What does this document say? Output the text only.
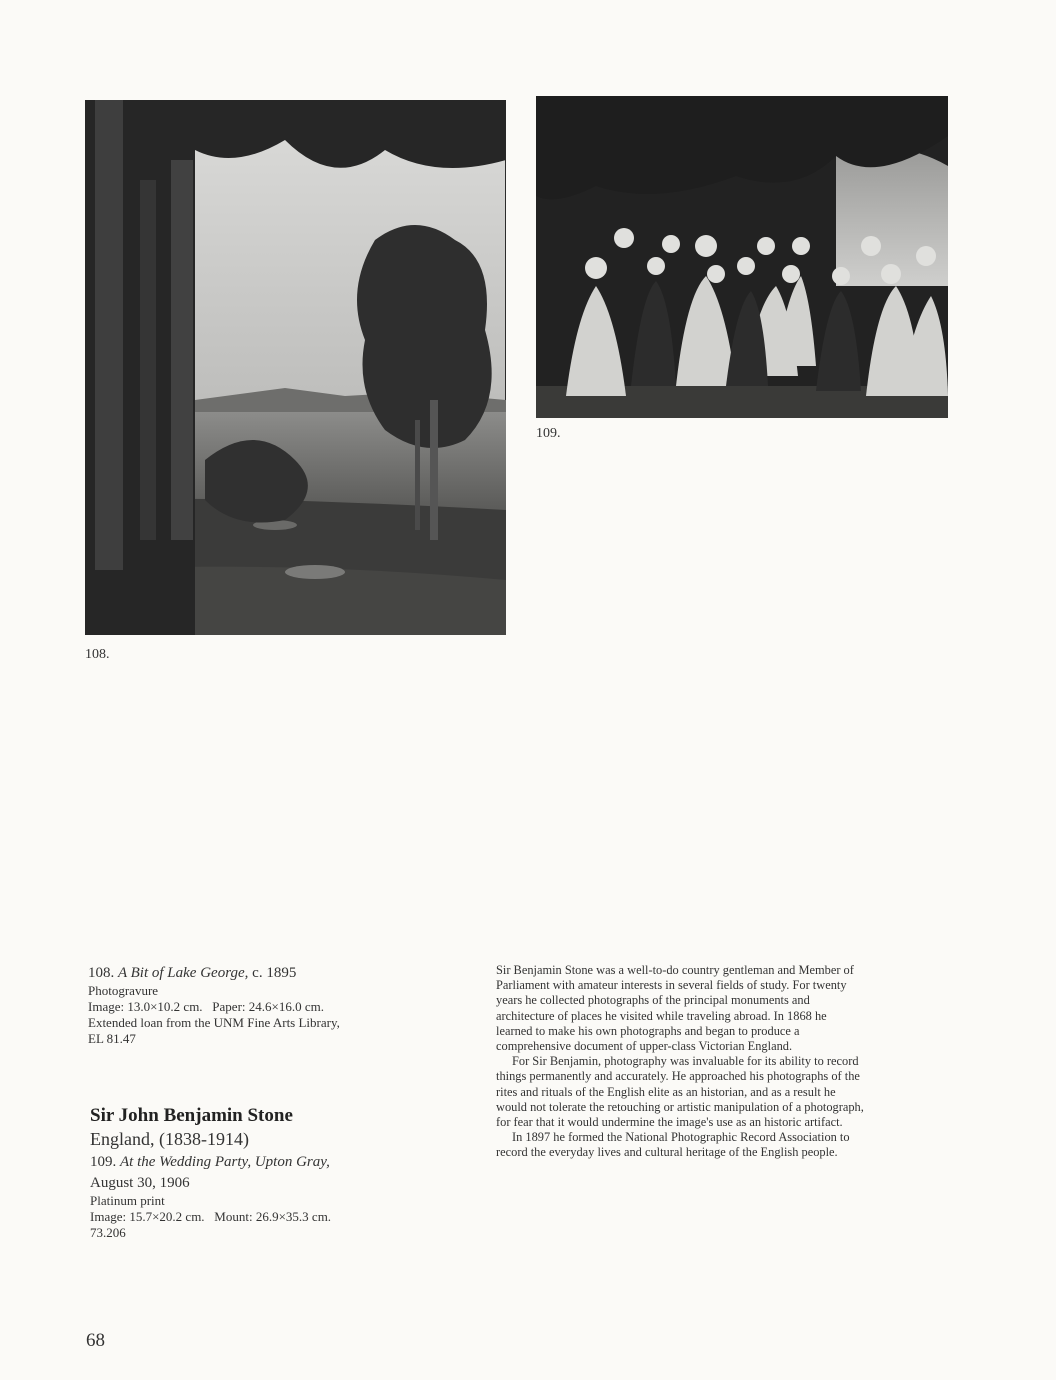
108.
109.
108. A Bit of Lake George, c. 1895
Photogravure
Image: 13.0×10.2 cm.   Paper: 24.6×16.0 cm.
Extended loan from the UNM Fine Arts Library,
EL 81.47
Sir John Benjamin Stone
England, (1838-1914)
109. At the Wedding Party, Upton Gray,
August 30, 1906
Platinum print
Image: 15.7×20.2 cm.   Mount: 26.9×35.3 cm.
73.206

Sir Benjamin Stone was a well-to-do country gentleman and Member of Parliament with amateur interests in several fields of study. For twenty years he collected photographs of the principal monuments and architecture of places he visited while traveling abroad. In 1868 he learned to make his own photographs and began to produce a comprehensive document of upper-class Victorian England.

For Sir Benjamin, photography was invaluable for its ability to record things permanently and accurately. He approached his photographs of the rites and rituals of the English elite as an historian, and as a result he would not tolerate the retouching or artistic manipulation of a photograph, for fear that it would undermine the image's use as an historic artifact.

In 1897 he formed the National Photographic Record Association to record the everyday lives and cultural heritage of the English people.

68
